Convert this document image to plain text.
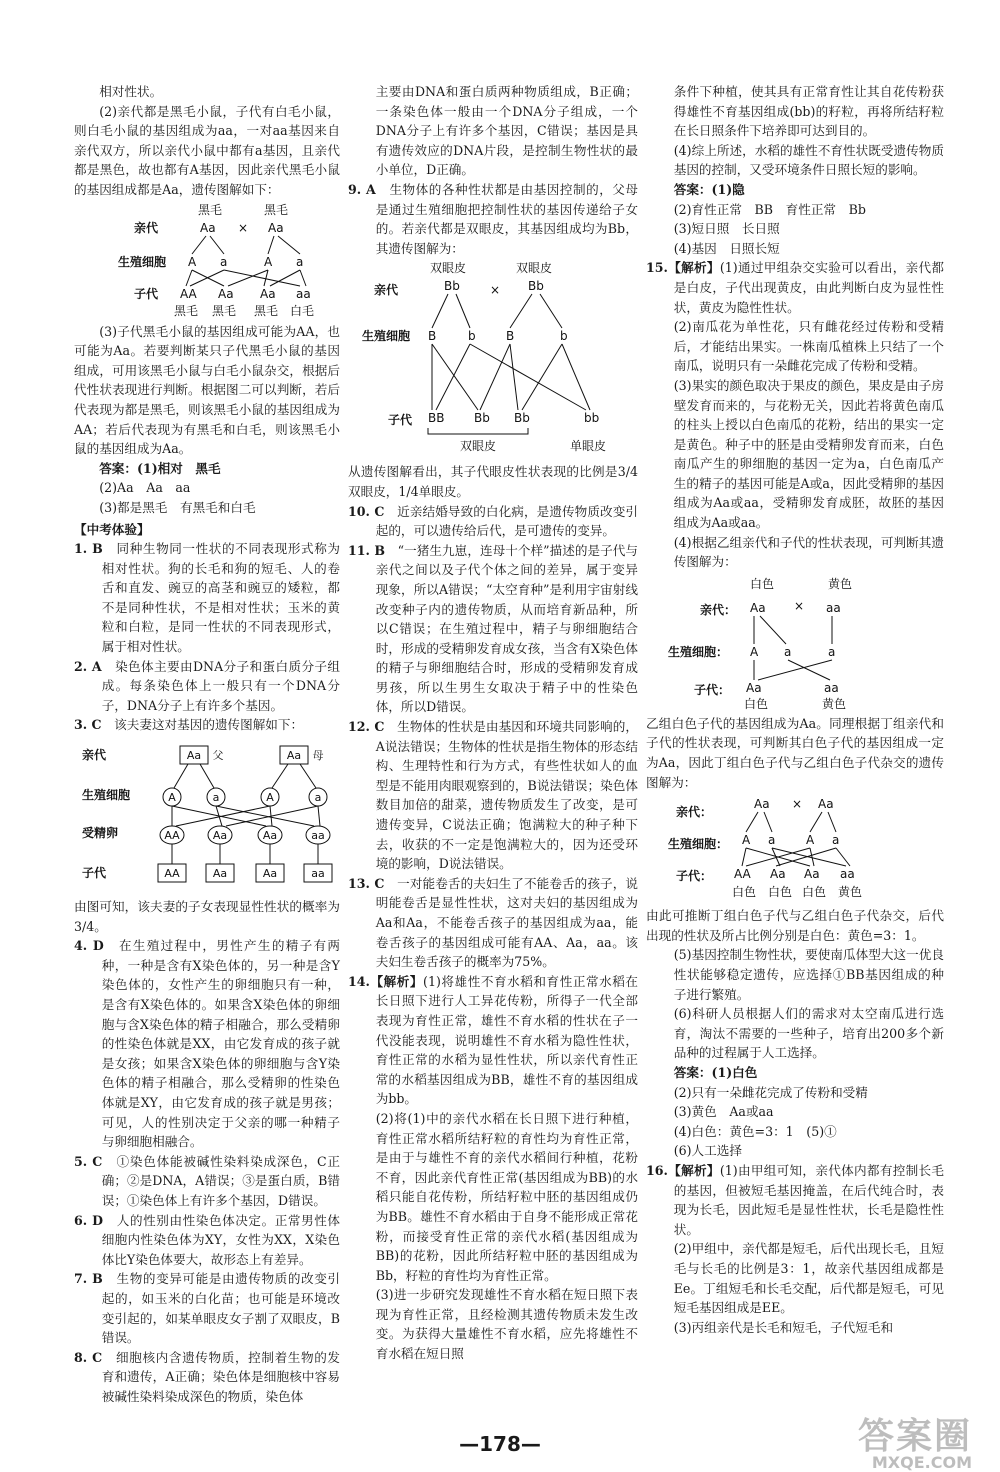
相对性状。

(2)亲代都是黑毛小鼠，子代有白毛小鼠，则白毛小鼠的基因组成为aa，一对aa基因来自亲代双方，所以亲代小鼠中都有a基因，且亲代都是黑色，故也都有A基因，因此亲代黑毛小鼠的基因组成都是Aa，遗传图解如下：

黑毛	黑毛
亲代	Aa × Aa
生殖细胞 A a	A a
子代 AA Aa Aa aa
黑毛 黑毛 黑毛 白毛

(3)子代黑毛小鼠的基因组成可能为AA，也可能为Aa。若要判断某只子代黑毛小鼠的基因组成，可用该黑毛小鼠与白毛小鼠杂交，根据后代性状表现进行判断。根据图二可以判断，若后代表现为都是黑毛，则该黑毛小鼠的基因组成为AA；若后代表现为有黑毛和白毛，则该黑毛小鼠的基因组成为Aa。

答案：(1)相对　黑毛

(2)Aa　Aa　aa

(3)都是黑毛　有黑毛和白毛

【中考体验】

1. B　 同种生物同一性状的不同表现形式称为相对性状。狗的长毛和狗的短毛、人的卷舌和直发、豌豆的高茎和豌豆的矮粒，都不是同种性状，不是相对性状；玉米的黄粒和白粒，是同一性状的不同表现形式，属于相对性状。

2. A　 染色体主要由DNA分子和蛋白质分子组成。每条染色体上一般只有一个DNA分子，DNA分子上有许多个基因。

3. C　 该夫妻这对基因的遗传图解如下：

亲代
生殖细胞
受精卵
子代
Aa 父	Aa 母
A	a	A	a
AA	Aa	Aa	aa
AA	Aa	Aa	aa

由图可知，该夫妻的子女表现显性性状的概率为3/4。

4. D　 在生殖过程中，男性产生的精子有两种，一种是含有X染色体的，另一种是含Y染色体的，女性产生的卵细胞只有一种，是含有X染色体的。如果含X染色体的卵细胞与含X染色体的精子相融合，那么受精卵的性染色体就是XX，由它发育成的孩子就是女孩；如果含X染色体的卵细胞与含Y染色体的精子相融合，那么受精卵的性染色体就是XY，由它发育成的孩子就是男孩；可见，人的性别决定于父亲的哪一种精子与卵细胞相融合。

5. C　 ①染色体能被碱性染料染成深色，C正确；②是DNA，A错误；③是蛋白质，B错误；①染色体上有许多个基因，D错误。

6. D　 人的性别由性染色体决定。正常男性体细胞内性染色体为XY，女性为XX，X染色体比Y染色体要大，故形态上有差异。

7. B　 生物的变异可能是由遗传物质的改变引起的，如玉米的白化苗；也可能是环境改变引起的，如某单眼皮女子割了双眼皮，B错误。

8. C　 细胞核内含遗传物质，控制着生物的发育和遗传，A正确；染色体是细胞核中容易被碱性染料染成深色的物质，染色体

主要由DNA和蛋白质两种物质组成，B正确；一条染色体一般由一个DNA分子组成，一个DNA分子上有许多个基因，C错误；基因是具有遗传效应的DNA片段，是控制生物性状的最小单位，D正确。

9. A　 生物体的各种性状都是由基因控制的，父母是通过生殖细胞把控制性状的基因传递给子女的。若亲代都是双眼皮，其基因组成均为Bb，其遗传图解为：

双眼皮	双眼皮
亲代	Bb	× Bb
生殖细胞 B	b	B	b
子代 BB Bb Bb	bb
双眼皮	单眼皮

从遗传图解看出，其子代眼皮性状表现的比例是3/4双眼皮，1/4单眼皮。

10. C　 近亲结婚导致的白化病，是遗传物质改变引起的，可以遗传给后代，是可遗传的变异。

11. B　 “一猪生九崽，连母十个样”描述的是子代与亲代之间以及子代个体之间的差异，属于变异现象，所以A错误；“太空育种”是利用宇宙射线改变种子内的遗传物质，从而培育新品种，所以C错误；在生殖过程中，精子与卵细胞结合时，形成的受精卵发育成女孩，当含有X染色体的精子与卵细胞结合时，形成的受精卵发育成男孩，所以生男生女取决于精子中的性染色体，所以D错误。

12. C　 生物体的性状是由基因和环境共同影响的，A说法错误；生物体的性状是指生物体的形态结构、生理特性和行为方式，有些性状如人的血型是不能用肉眼观察到的，B说法错误；染色体数目加倍的甜菜，遗传物质发生了改变，是可遗传变异，C说法正确；饱满粒大的种子种下去，收获的不一定是饱满粒大的，因为还受环境的影响，D说法错误。

13. C　 一对能卷舌的夫妇生了不能卷舌的孩子，说明能卷舌是显性性状，这对夫妇的基因组成为Aa和Aa，不能卷舌孩子的基因组成为aa，能卷舌孩子的基因组成可能有AA、Aa，aa。该夫妇生卷舌孩子的概率为75%。

14.【解析】(1)将雄性不育水稻和育性正常水稻在长日照下进行人工异花传粉，所得子一代全部表现为育性正常，雄性不育水稻的性状在子一代没能表现，说明雄性不育水稻为隐性性状，育性正常的水稻为显性性状，所以亲代育性正常的水稻基因组成为BB，雄性不育的基因组成为bb。

(2)将(1)中的亲代水稻在长日照下进行种植，育性正常水稻所结籽粒的育性均为育性正常，是由于与雄性不育的亲代水稻间行种植，花粉不育，因此亲代育性正常(基因组成为BB)的水稻只能自花传粉，所结籽粒中胚的基因组成仍为BB。雄性不育水稻由于自身不能形成正常花粉，而接受育性正常的亲代水稻(基因组成为BB)的花粉，因此所结籽粒中胚的基因组成为Bb，籽粒的育性均为育性正常。

(3)进一步研究发现雄性不育水稻在短日照下表现为育性正常，且经检测其遗传物质未发生改变。为获得大量雄性不育水稻，应先将雄性不育水稻在短日照

条件下种植，使其具有正常育性让其自花传粉获得雄性不育基因组成(bb)的籽粒，再将所结籽粒在长日照条件下培养即可达到目的。

(4)综上所述，水稻的雄性不育性状既受遗传物质基因的控制，又受环境条件日照长短的影响。

答案：(1)隐

(2)育性正常　BB　育性正常　Bb

(3)短日照　长日照

(4)基因　日照长短

15.【解析】(1)通过甲组杂交实验可以看出，亲代都是白皮，子代出现黄皮，由此判断白皮为显性性状，黄皮为隐性性状。

(2)南瓜花为单性花，只有雌花经过传粉和受精后，才能结出果实。一株南瓜植株上只结了一个南瓜，说明只有一朵雌花完成了传粉和受精。

(3)果实的颜色取决于果皮的颜色，果皮是由子房壁发育而来的，与花粉无关，因此若将黄色南瓜的柱头上授以白色南瓜的花粉，结出的果实一定是黄色。种子中的胚是由受精卵发育而来，白色南瓜产生的卵细胞的基因一定为a，白色南瓜产生的精子的基因可能是A或a，因此受精卵的基因组成为Aa或aa，受精卵发育成胚，故胚的基因组成为Aa或aa。

(4)根据乙组亲代和子代的性状表现，可判断其遗传图解为：

白色	黄色
亲代： Aa × aa
生殖细胞： A a	a
子代： Aa	aa
白色	黄色

乙组白色子代的基因组成为Aa。同理根据丁组亲代和子代的性状表现，可判断其白色子代的基因组成一定为Aa，因此丁组白色子代与乙组白色子代杂交的遗传图解为：

亲代：
Aa × Aa
生殖细胞： A a	A a
子代： AA Aa Aa aa
白色 白色 白色 黄色

由此可推断丁组白色子代与乙组白色子代杂交，后代出现的性状及所占比例分别是白色：黄色=3：1。

(5)基因控制生物性状，要使南瓜体型大这一优良性状能够稳定遗传，应选择①BB基因组成的种子进行繁殖。

(6)科研人员根据人们的需求对太空南瓜进行选育，淘汰不需要的一些种子，培育出200多个新品种的过程属于人工选择。

答案：(1)白色

(2)只有一朵雌花完成了传粉和受精

(3)黄色　Aa或aa

(4)白色：黄色=3：1　(5)①

(6)人工选择

16.【解析】(1)由甲组可知，亲代体内都有控制长毛的基因，但被短毛基因掩盖，在后代纯合时，表现为长毛，因此短毛是显性性状，长毛是隐性性状。

(2)甲组中，亲代都是短毛，后代出现长毛，且短毛与长毛的比例是3：1，故亲代基因组成都是Ee。丁组短毛和长毛交配，后代都是短毛，可见短毛基因组成是EE。

(3)丙组亲代是长毛和短毛，子代短毛和

—178—	答案圈
MXQE.COM
